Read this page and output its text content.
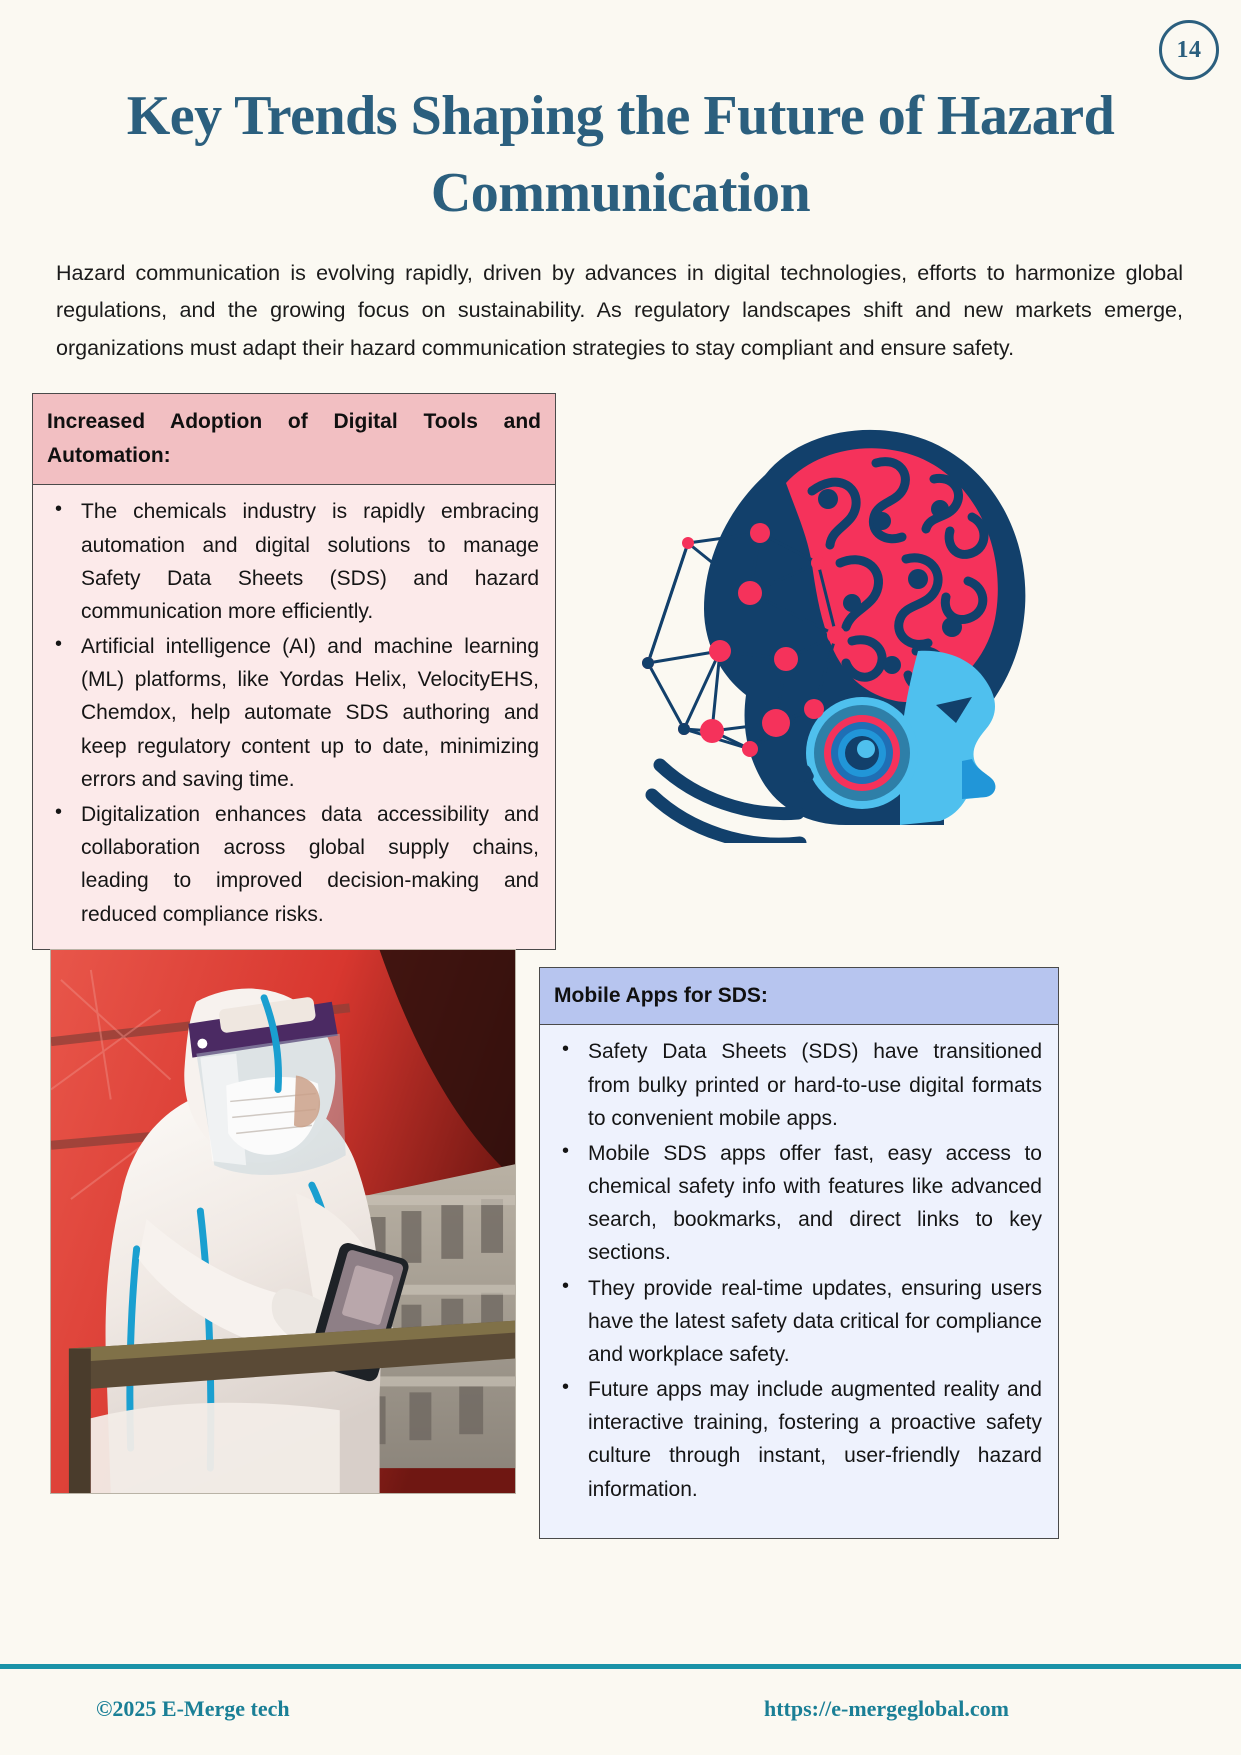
14
Key Trends Shaping the Future of Hazard Communication

Hazard communication is evolving rapidly, driven by advances in digital technologies, efforts to harmonize global regulations, and the growing focus on sustainability. As regulatory landscapes shift and new markets emerge, organizations must adapt their hazard communication strategies to stay compliant and ensure safety.

Increased Adoption of Digital Tools and Automation:
• The chemicals industry is rapidly embracing automation and digital solutions to manage Safety Data Sheets (SDS) and hazard communication more efficiently.
• Artificial intelligence (AI) and machine learning (ML) platforms, like Yordas Helix, VelocityEHS, Chemdox, help automate SDS authoring and keep regulatory content up to date, minimizing errors and saving time.
• Digitalization enhances data accessibility and collaboration across global supply chains, leading to improved decision-making and reduced compliance risks.
Mobile Apps for SDS:
• Safety Data Sheets (SDS) have transitioned from bulky printed or hard-to-use digital formats to convenient mobile apps.
• Mobile SDS apps offer fast, easy access to chemical safety info with features like advanced search, bookmarks, and direct links to key sections.
• They provide real-time updates, ensuring users have the latest safety data critical for compliance and workplace safety.
• Future apps may include augmented reality and interactive training, fostering a proactive safety culture through instant, user-friendly hazard information.
©2025 E-Merge tech	https://e-mergeglobal.com
